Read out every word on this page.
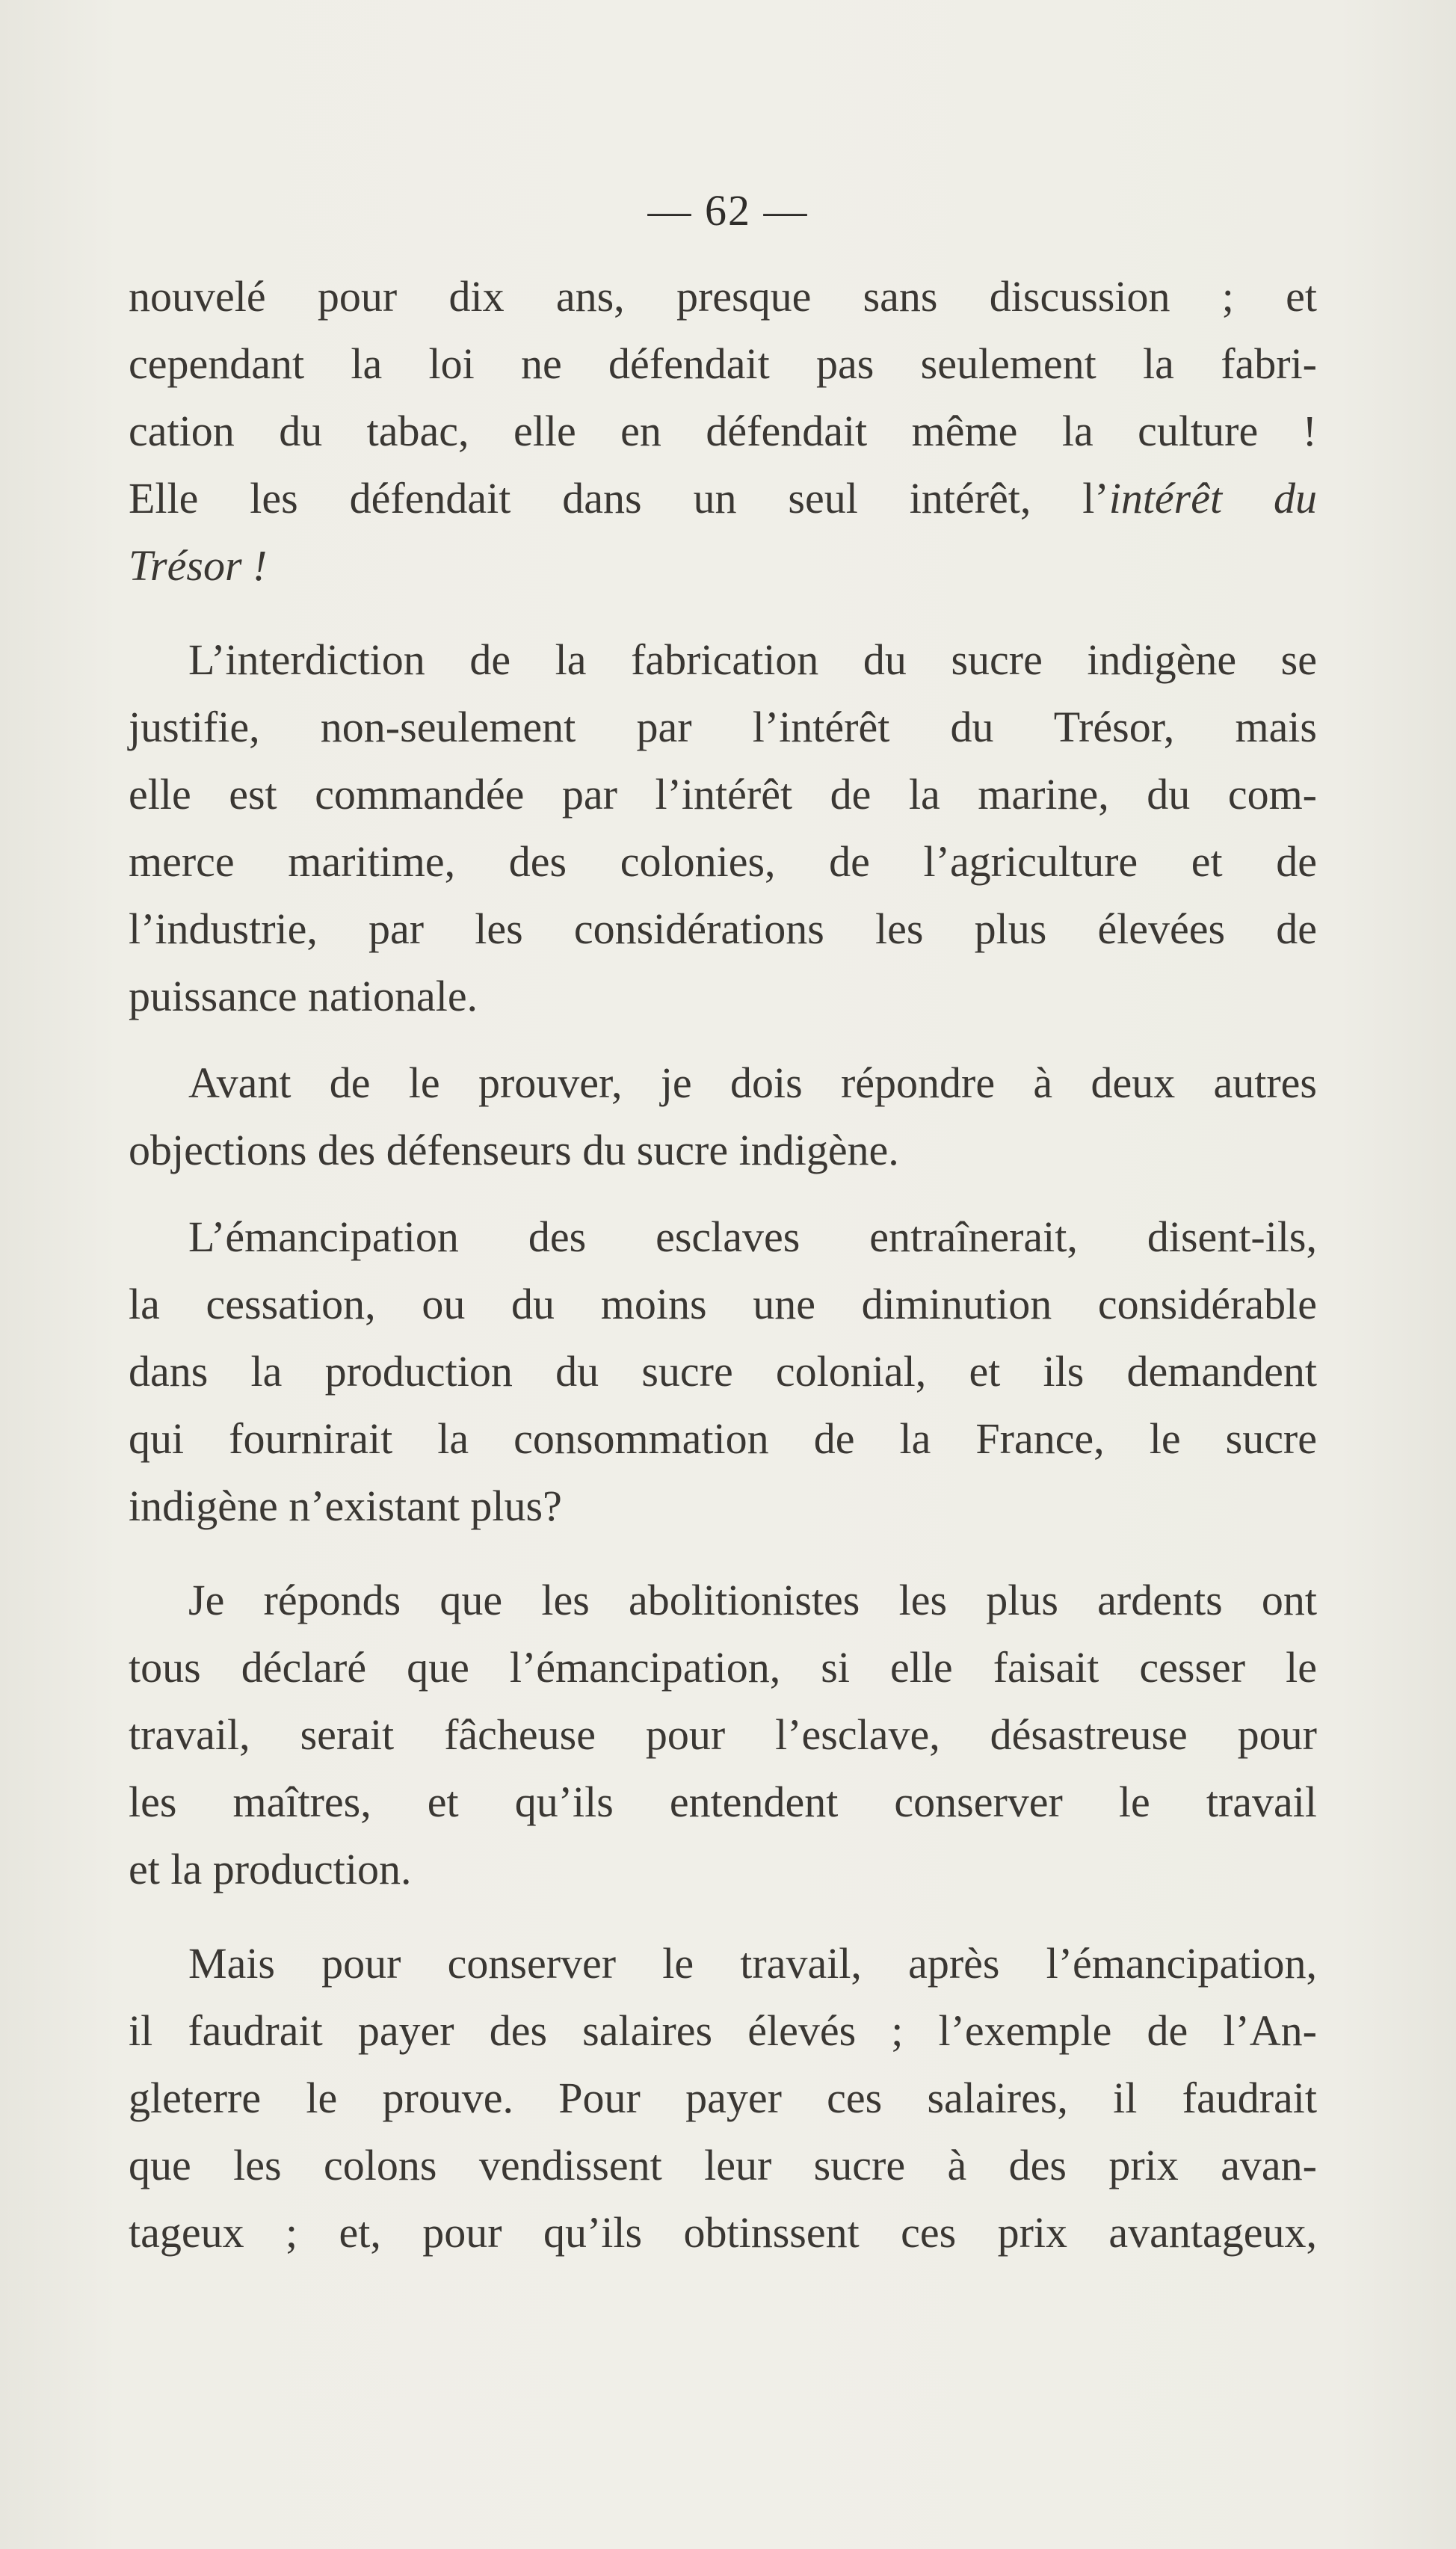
— 62 —
nouvelé pour dix ans, presque sans discussion ; et
cependant la loi ne défendait pas seulement la fabri-
cation du tabac, elle en défendait même la culture !
Elle les défendait dans un seul intérêt, l’intérêt du
Trésor !
L’interdiction de la fabrication du sucre indigène se
justifie, non-seulement par l’intérêt du Trésor, mais
elle est commandée par l’intérêt de la marine, du com-
merce maritime, des colonies, de l’agriculture et de
l’industrie, par les considérations les plus élevées de
puissance nationale.
Avant de le prouver, je dois répondre à deux autres
objections des défenseurs du sucre indigène.
L’émancipation des esclaves entraînerait, disent-ils,
la cessation, ou du moins une diminution considérable
dans la production du sucre colonial, et ils demandent
qui fournirait la consommation de la France, le sucre
indigène n’existant plus?
Je réponds que les abolitionistes les plus ardents ont
tous déclaré que l’émancipation, si elle faisait cesser le
travail, serait fâcheuse pour l’esclave, désastreuse pour
les maîtres, et qu’ils entendent conserver le travail
et la production.
Mais pour conserver le travail, après l’émancipation,
il faudrait payer des salaires élevés ; l’exemple de l’An-
gleterre le prouve. Pour payer ces salaires, il faudrait
que les colons vendissent leur sucre à des prix avan-
tageux ; et, pour qu’ils obtinssent ces prix avantageux,
